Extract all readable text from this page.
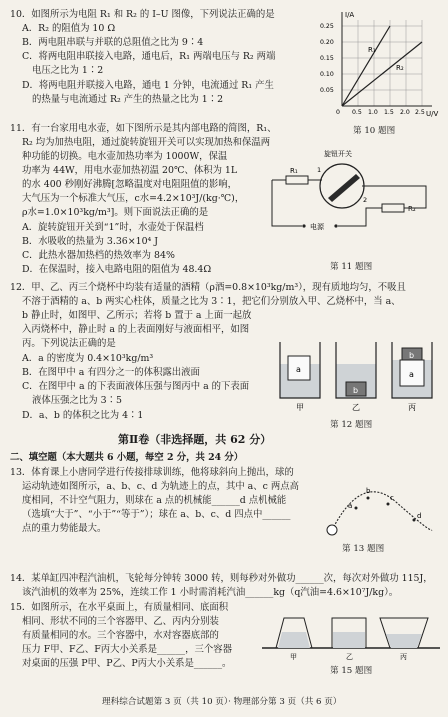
10．如图所示为电阻 R₁ 和 R₂ 的 I–U 图像，下列说法正确的是
A．R₂ 的阻值为 10 Ω
B．两电阻串联与并联的总阻值之比为 9∶4
C．将两电阻串联接入电路，通电后，R₁ 两端电压与 R₂ 两端
电压之比为 1∶2
D．将两电阻并联接入电路，通电 1 分钟，电流通过 R₁ 产生
的热量与电流通过 R₂ 产生的热量之比为 1∶2
I/A
U/V
0.25
0.20
0.15
0.10
0.05
0 0.5 1.0 1.5 2.0 2.5
R₁
R₂
第 10 题图
11．有一台家用电水壶，如下图所示是其内部电路的简图，R₁、
R₂ 均为加热电阻，通过旋转旋钮开关可以实现加热和保温两
种功能的切换。电水壶加热功率为 1000W，保温
功率为 44W，用电水壶加热初温 20℃、体积为 1L
的水 400 秒刚好沸腾[忽略温度对电阻阻值的影响，
大气压为一个标准大气压，c水=4.2×10³J/(kg·℃)，
ρ水=1.0×10³kg/m³]。则下面说法正确的是
A．旋转旋钮开关到“1”时，水壶处于保温档
B．水吸收的热量为 3.36×10⁴ J
C．此热水器加热档的热效率为 84%
D．在保温时，接入电路电阻的阻值为 48.4Ω
旋钮开关
R₁	1
2
R₂
电源
第 11 题图
12．甲、乙、丙三个烧杯中均装有适量的酒精（ρ酒=0.8×10³kg/m³），现有质地均匀，不吸且
不溶于酒精的 a、b 两实心柱体，质量之比为 3∶1，把它们分别放入甲、乙烧杯中，当 a、
b 静止时，如图甲、乙所示；若将 b 置于 a 上面一起放
入丙烧杯中，静止时 a 的上表面刚好与液面相平，如图
丙。下列说法正确的是
A．a 的密度为 0.4×10³kg/m³
B．在图甲中 a 有四分之一的体积露出液面
C．在图甲中 a 的下表面液体压强与图丙中 a 的下表面
液体压强之比为 3∶5
D．a、b 的体积之比为 4∶1
a
甲
b
乙
b
a
丙
第 12 题图
第Ⅱ卷（非选择题，共 62 分）
二、填空题（本大题共 6 小题，每空 2 分，共 24 分）
13．体育课上小唐同学进行传接排球训练，他将球斜向上抛出，球的
运动轨迹如图所示，a、b、c、d 为轨迹上的点，其中 a、c 两点高
度相同，不计空气阻力，则球在 a 点的机械能______d 点机械能
（选填“大于”、“小于”“等于”）；球在 a、b、c、d 四点中______
点的重力势能最大。
a
b
c
d
第 13 题图
14．某单缸四冲程汽油机，飞轮每分钟转 3000 转，则每秒对外做功______次，每次对外做功 115J，
该汽油机的效率为 25%，连续工作 1 小时需消耗汽油______kg（q汽油=4.6×10⁷J/kg）。
15．如图所示，在水平桌面上，有质量相同、底面积
相同、形状不同的三个容器甲、乙、丙内分别装
有质量相同的水。三个容器中，水对容器底部的
压力 F甲、F乙、F丙大小关系是______，三个容器
对桌面的压强 P甲、P乙、P丙大小关系是______。
甲	乙	丙
第 15 题图
理科综合试题第 3 页（共 10 页）· 物理部分第 3 页（共 6 页）
